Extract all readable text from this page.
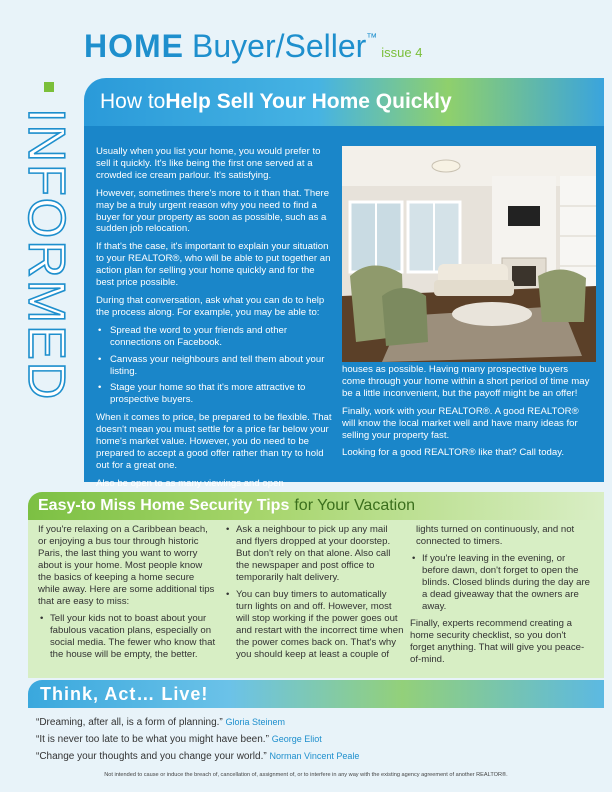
INFORMED
HOME Buyer/Seller ™
issue 4
How to Help Sell Your Home Quickly

Usually when you list your home, you would prefer to sell it quickly. It's like being the first one served at a crowded ice cream parlour. It's satisfying.

However, sometimes there's more to it than that. There may be a truly urgent reason why you need to find a buyer for your property as soon as possible, such as a sudden job relocation.

If that's the case, it's important to explain your situation to your REALTOR®, who will be able to put together an action plan for selling your home quickly and for the best price possible.

During that conversation, ask what you can do to help the process along. For example, you may be able to:

• Spread the word to your friends and other connections on Facebook.
• Canvass your neighbours and tell them about your listing.
• Stage your home so that it's more attractive to prospective buyers.

When it comes to price, be prepared to be flexible. That doesn't mean you must settle for a price far below your home's market value. However, you do need to be prepared to accept a good offer rather than try to hold out for a great one.

Also be open to as many viewings and open

houses as possible. Having many prospective buyers come through your home within a short period of time may be a little inconvenient, but the payoff might be an offer!

Finally, work with your REALTOR®. A good REALTOR® will know the local market well and have many ideas for selling your property fast.

Looking for a good REALTOR® like that? Call today.

Easy-to Miss Home Security Tips for Your Vacation

If you're relaxing on a Caribbean beach, or enjoying a bus tour through historic Paris, the last thing you want to worry about is your home. Most people know the basics of keeping a home secure while away. Here are some additional tips that are easy to miss:

• Tell your kids not to boast about your fabulous vacation plans, especially on social media. The fewer who know that the house will be empty, the better.
• Ask a neighbour to pick up any mail and flyers dropped at your doorstep. But don't rely on that alone. Also call the newspaper and post office to temporarily halt delivery.
• You can buy timers to automatically turn lights on and off. However, most will stop working if the power goes out and restart with the incorrect time when the power comes back on. That's why you should keep at least a couple of

lights turned on continuously, and not connected to timers.

• If you're leaving in the evening, or before dawn, don't forget to open the blinds. Closed blinds during the day are a dead giveaway that the owners are away.

Finally, experts recommend creating a home security checklist, so you don't forget anything. That will give you peace-of-mind.

Think, Act… Live!
“Dreaming, after all, is a form of planning.” Gloria Steinem
“It is never too late to be what you might have been.” George Eliot
“Change your thoughts and you change your world.” Norman Vincent Peale
Not intended to cause or induce the breach of, cancellation of, assignment of, or to interfere in any way with the existing agency agreement of another REALTOR®.
